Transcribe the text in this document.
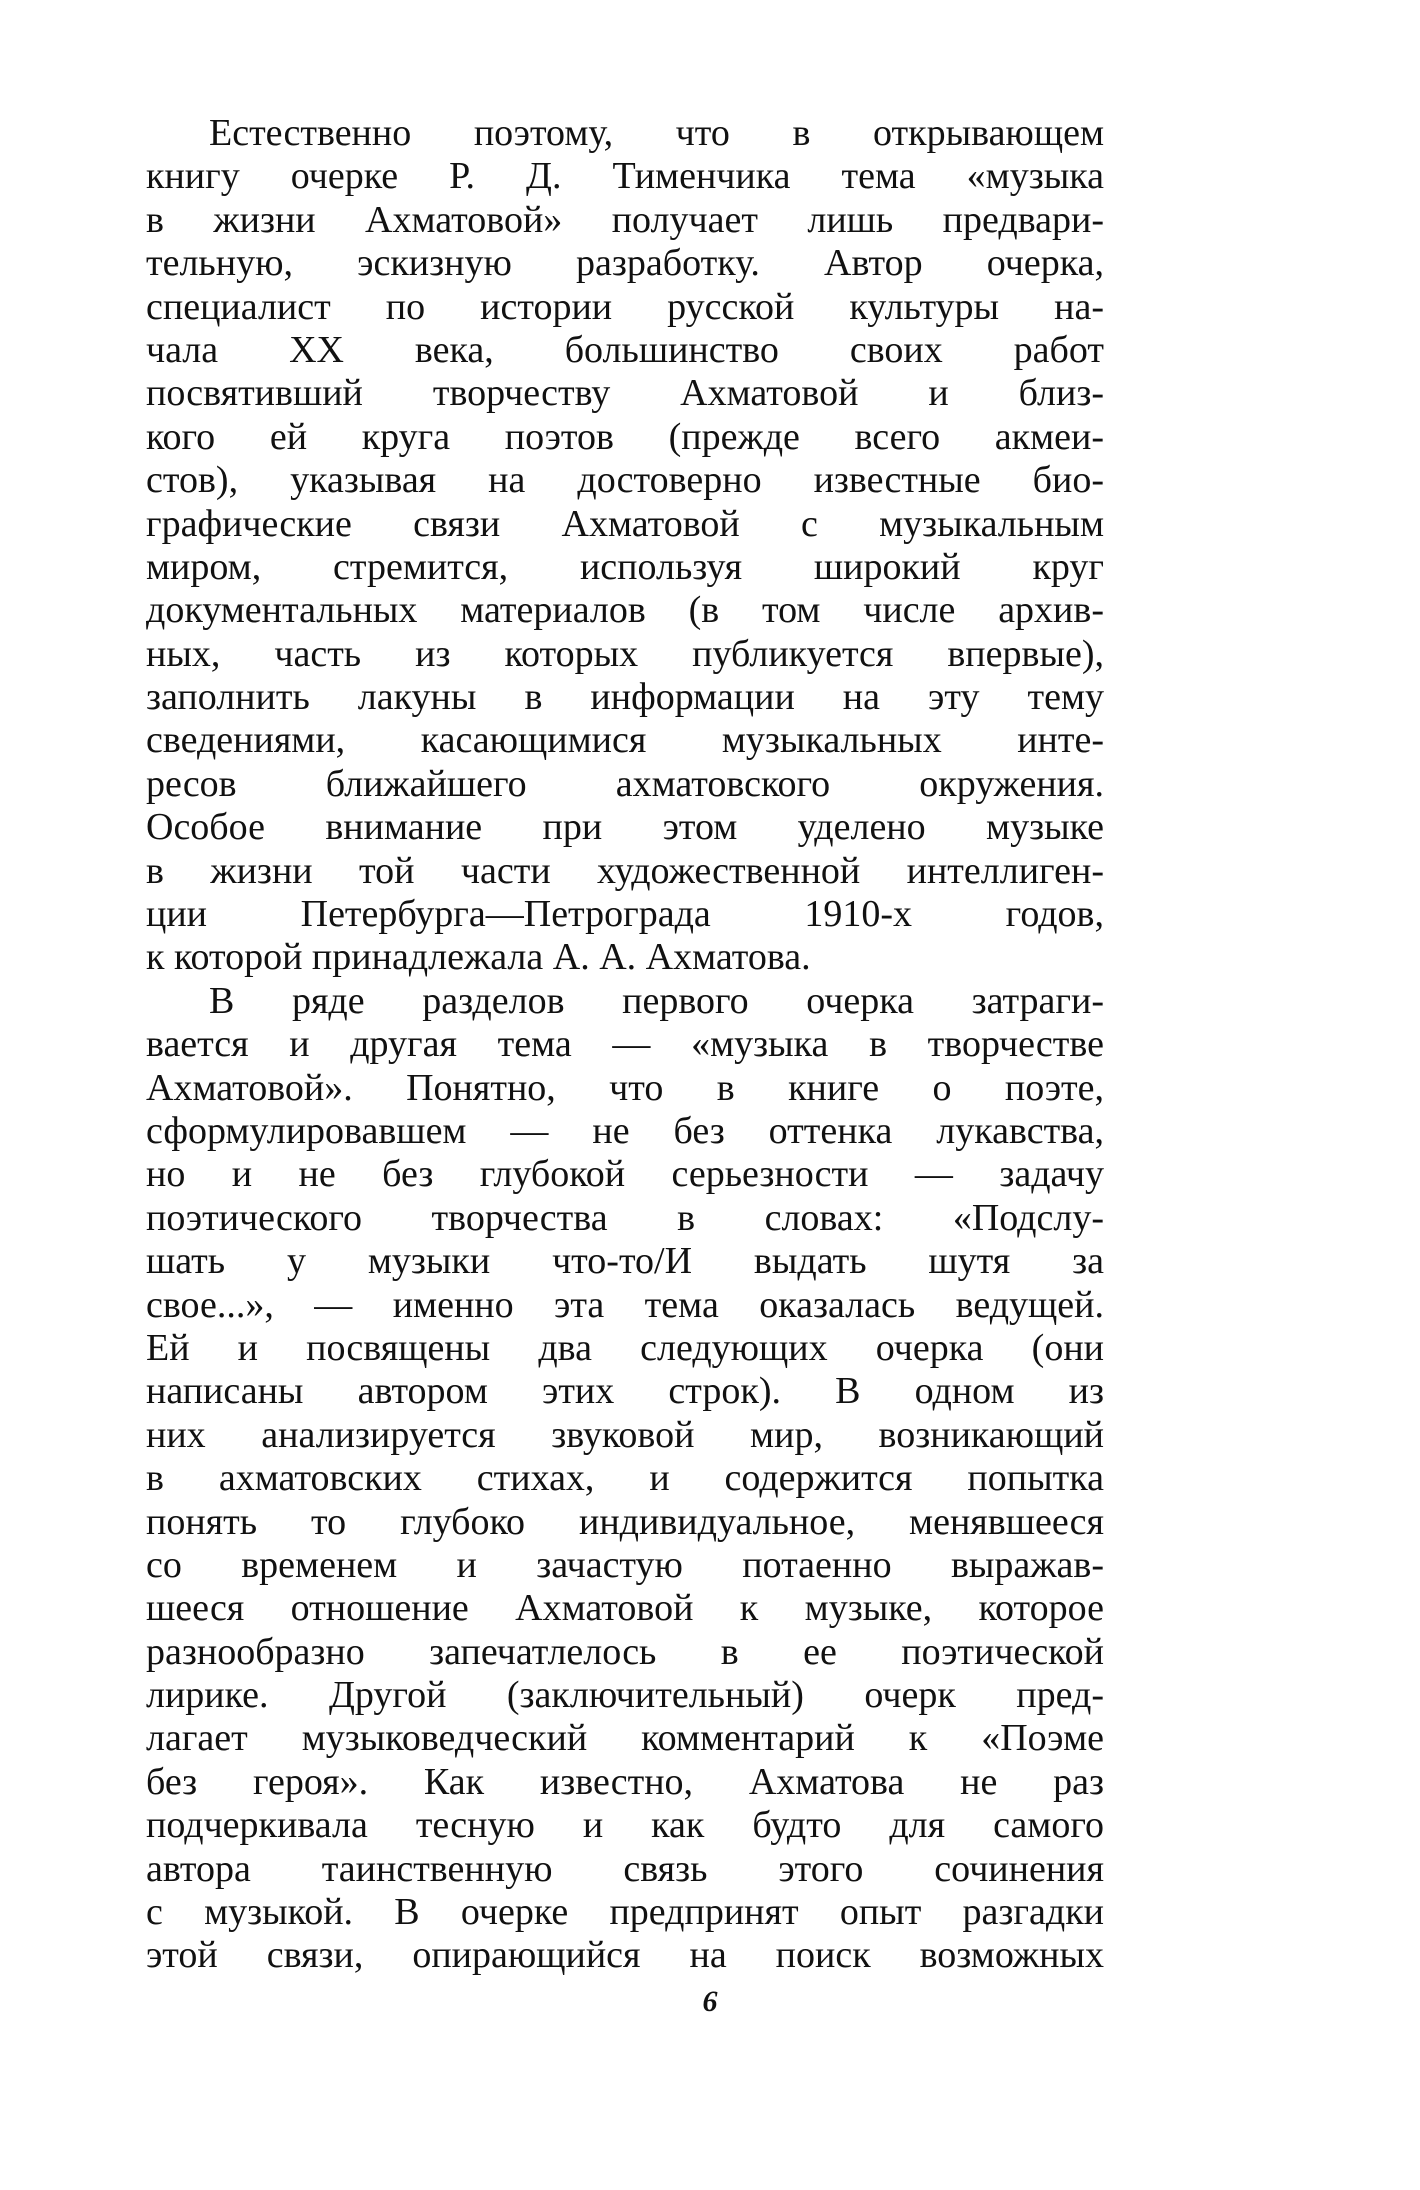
Естественно поэтому, что в открывающем
книгу очерке Р. Д. Тименчика тема «музыка
в жизни Ахматовой» получает лишь предвари-
тельную, эскизную разработку. Автор очерка,
специалист по истории русской культуры на-
чала XX века, большинство своих работ
посвятивший творчеству Ахматовой и близ-
кого ей круга поэтов (прежде всего акмеи-
стов), указывая на достоверно известные био-
графические связи Ахматовой с музыкальным
миром, стремится, используя широкий круг
документальных материалов (в том числе архив-
ных, часть из которых публикуется впервые),
заполнить лакуны в информации на эту тему
сведениями, касающимися музыкальных инте-
ресов ближайшего ахматовского окружения.
Особое внимание при этом уделено музыке
в жизни той части художественной интеллиген-
ции Петербурга—Петрограда 1910-х годов,
к которой принадлежала А. А. Ахматова.
В ряде разделов первого очерка затраги-
вается и другая тема — «музыка в творчестве
Ахматовой». Понятно, что в книге о поэте,
сформулировавшем — не без оттенка лукавства,
но и не без глубокой серьезности — задачу
поэтического творчества в словах: «Подслу-
шать у музыки что-то/И выдать шутя за
свое...», — именно эта тема оказалась ведущей.
Ей и посвящены два следующих очерка (они
написаны автором этих строк). В одном из
них анализируется звуковой мир, возникающий
в ахматовских стихах, и содержится попытка
понять то глубоко индивидуальное, менявшееся
со временем и зачастую потаенно выражав-
шееся отношение Ахматовой к музыке, которое
разнообразно запечатлелось в ее поэтической
лирике. Другой (заключительный) очерк пред-
лагает музыковедческий комментарий к «Поэме
без героя». Как известно, Ахматова не раз
подчеркивала тесную и как будто для самого
автора таинственную связь этого сочинения
с музыкой. В очерке предпринят опыт разгадки
этой связи, опирающийся на поиск возможных
6
